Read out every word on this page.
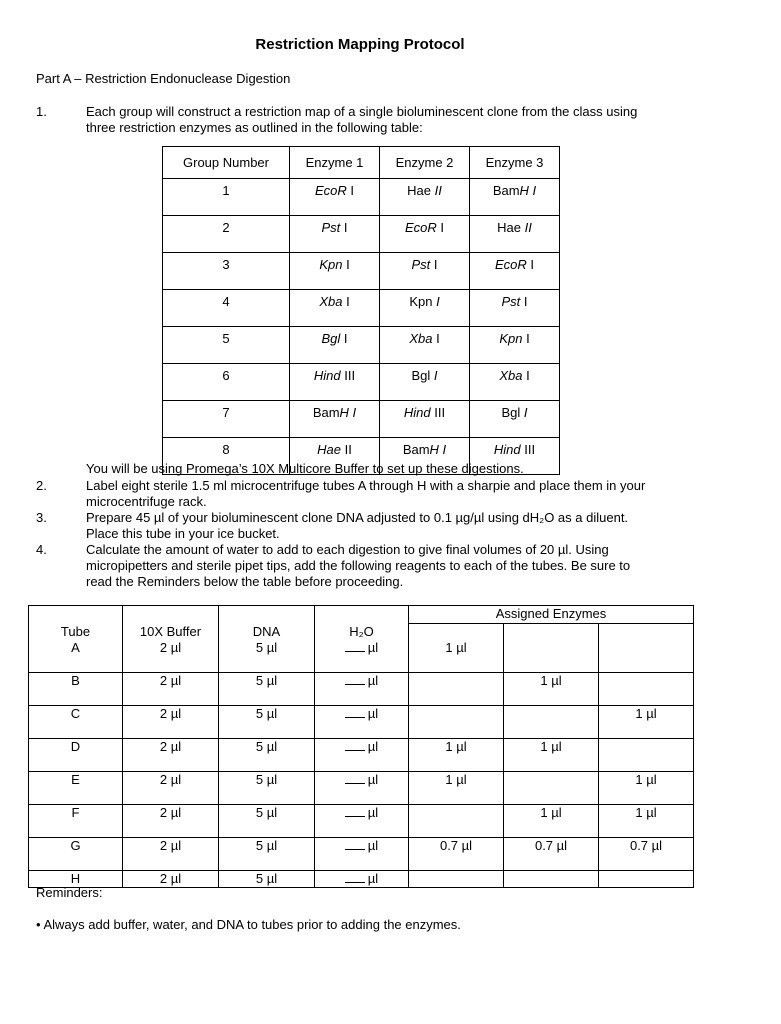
Restriction Mapping Protocol
Part A – Restriction Endonuclease Digestion
1.	Each group will construct a restriction map of a single bioluminescent clone from the class using
three restriction enzymes as outlined in the following table:
Group Number	Enzyme 1	Enzyme 2	Enzyme 3
1	EcoR I	Hae II	BamH I
2	Pst I	EcoR I	Hae II
3	Kpn I	Pst I	EcoR I
4	Xba I	Kpn I	Pst I
5	Bgl I	Xba I	Kpn I
6	Hind III	Bgl I	Xba I
7	BamH I	Hind III	Bgl I
8	Hae II	BamH I	Hind III
You will be using Promega’s 10X Multicore Buffer to set up these digestions.
2.	Label eight sterile 1.5 ml microcentrifuge tubes A through H with a sharpie and place them in your
microcentrifuge rack.
3.	Prepare 45 µl of your bioluminescent clone DNA adjusted to 0.1 µg/µl using dH₂O as a diluent.
Place this tube in your ice bucket.
4.	Calculate the amount of water to add to each digestion to give final volumes of 20 µl. Using
micropipetters and sterile pipet tips, add the following reagents to each of the tubes. Be sure to
read the Reminders below the table before proceeding.
				Assigned Enzymes		
Tube	10X Buffer	DNA	H₂O			
A	2 µl	5 µl	µl	1 µl		
B	2 µl	5 µl	µl		1 µl	
C	2 µl	5 µl	µl			1 µl
D	2 µl	5 µl	µl	1 µl	1 µl	
E	2 µl	5 µl	µl	1 µl		1 µl
F	2 µl	5 µl	µl		1 µl	1 µl
G	2 µl	5 µl	µl	0.7 µl	0.7 µl	0.7 µl
H	2 µl	5 µl	µl			
Reminders:
• Always add buffer, water, and DNA to tubes prior to adding the enzymes.
